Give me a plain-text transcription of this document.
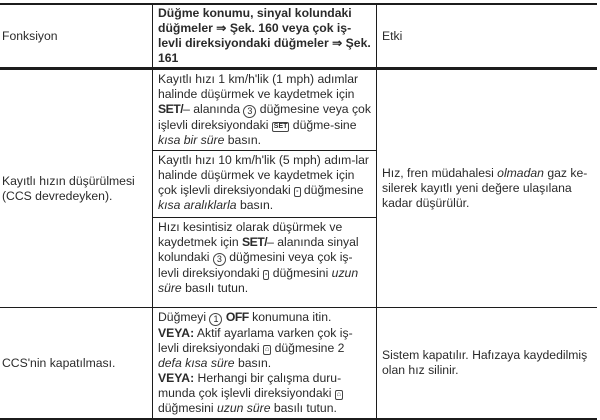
Fonksiyon	Düğme konumu, sinyal kolundaki düğmeler ⇒ Şek. 160 veya çok iş-levli direksiyondaki düğmeler ⇒ Şek. 161	Etki
Kayıtlı hızın düşürülmesi (CCS devredeyken).	Kayıtlı hızı 1 km/h'lik (1 mph) adımlar halinde düşürmek ve kaydetmek için SET/– alanında 3 düğmesine veya çok işlevli direksiyondaki SET düğme-sine kısa bir süre basın.	Hız, fren müdahalesi olmadan gaz ke-silerek kayıtlı yeni değere ulaşılana kadar düşürülür.
	Kayıtlı hızı 10 km/h'lik (5 mph) adım-lar halinde düşürmek ve kaydetmek için çok işlevli direksiyondaki - düğmesine kısa aralıklarla basın.	
	Hızı kesintisiz olarak düşürmek ve kaydetmek için SET/– alanında sinyal kolundaki 3 düğmesini veya çok iş-levli direksiyondaki - düğmesini uzun süre basılı tutun.	
CCS'nin kapatılması.	Düğmeyi 1 OFF konumuna itin.
VEYA: Aktif ayarlama varken çok iş-levli direksiyondaki ⌂ düğmesine 2 defa kısa süre basın.
VEYA: Herhangi bir çalışma duru-munda çok işlevli direksiyondaki ⌂ düğmesini uzun süre basılı tutun.	Sistem kapatılır. Hafızaya kaydedilmiş olan hız silinir.
